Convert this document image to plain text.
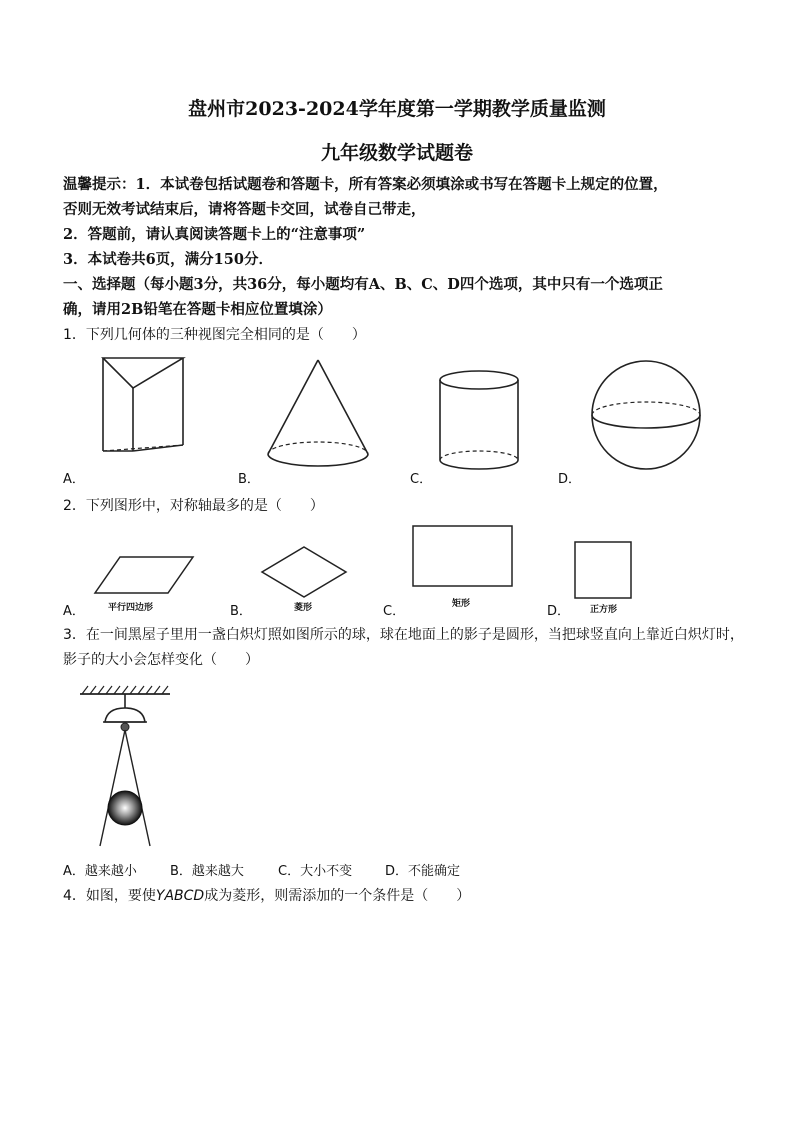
盘州市2023-2024学年度第一学期教学质量监测
九年级数学试题卷
温馨提示：1．本试卷包括试题卷和答题卡，所有答案必须填涂或书写在答题卡上规定的位置，
否则无效考试结束后，请将答题卡交回，试卷自己带走，
2．答题前，请认真阅读答题卡上的“注意事项”
3．本试卷共6页，满分150分．
一、选择题（每小题3分，共36分，每小题均有A、B、C、D四个选项，其中只有一个选项正
确，请用2B铅笔在答题卡相应位置填涂）
1．下列几何体的三种视图完全相同的是（　　）
A．	B．	C．	D．
2．下列图形中，对称轴最多的是（　　）
平行四边形	菱形	矩形
正方形
A．	B．	C．	D．
3．在一间黑屋子里用一盏白炽灯照如图所示的球，球在地面上的影子是圆形，当把球竖直向上靠近白炽灯时，
影子的大小会怎样变化（　　）
A．越来越小	B．越来越大	C．大小不变	D．不能确定
4．如图，要使ΥABCD成为菱形，则需添加的一个条件是（　　）
